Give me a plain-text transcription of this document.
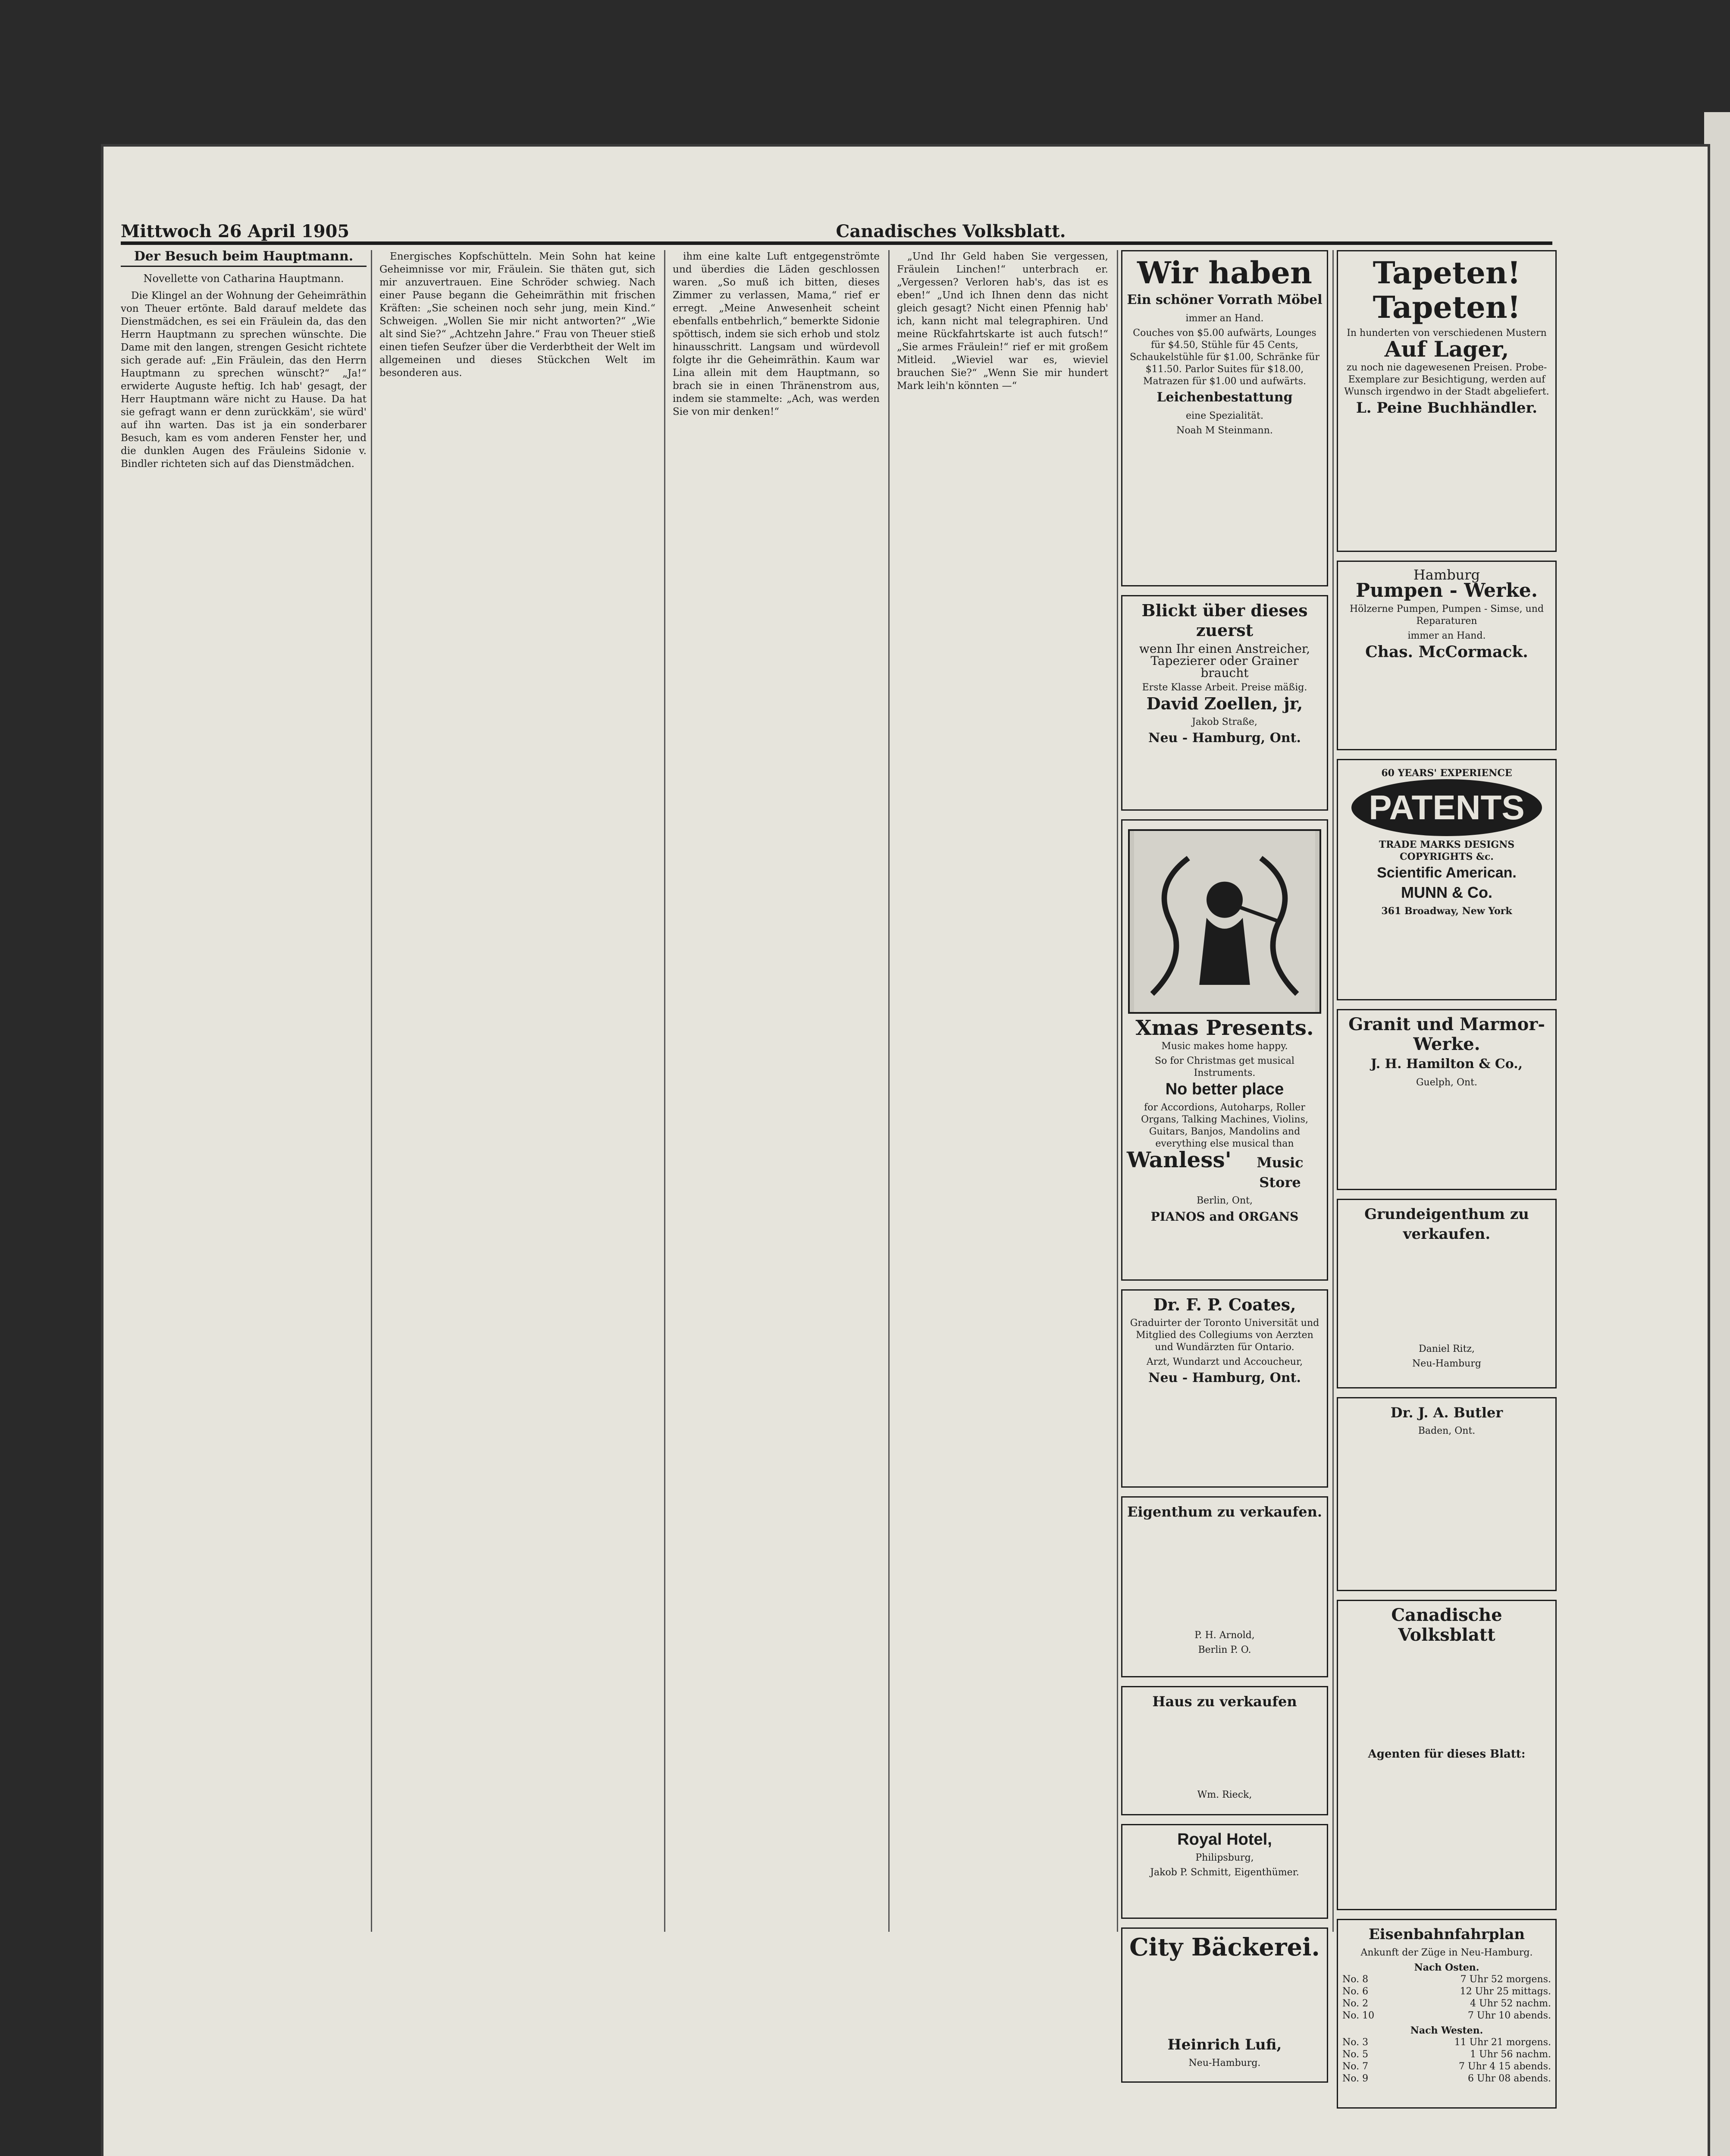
Mittwoch 26 April 1905	Canadisches Volksblatt.
Der Besuch beim Hauptmann.
Novellette von Catharina Hauptmann.

Die Klingel an der Wohnung der Geheimräthin von Theuer ertönte. Bald darauf meldete das Dienstmädchen, es sei ein Fräulein da, das den Herrn Hauptmann zu sprechen wünschte. Die Dame mit den langen, strengen Gesicht richtete sich gerade auf: „Ein Fräulein, das den Herrn Hauptmann zu sprechen wünscht?“ „Ja!“ erwiderte Auguste heftig. Ich hab' gesagt, der Herr Hauptmann wäre nicht zu Hause. Da hat sie gefragt wann er denn zurückkäm', sie würd' auf ihn warten. Das ist ja ein sonderbarer Besuch, kam es vom anderen Fenster her, und die dunklen Augen des Fräuleins Sidonie v. Bindler richteten sich auf das Dienstmädchen.

Energisches Kopfschütteln. Mein Sohn hat keine Geheimnisse vor mir, Fräulein. Sie thäten gut, sich mir anzuvertrauen. Eine Schröder schwieg. Nach einer Pause begann die Geheimräthin mit frischen Kräften: „Sie scheinen noch sehr jung, mein Kind.“ Schweigen. „Wollen Sie mir nicht antworten?“ „Wie alt sind Sie?“ „Achtzehn Jahre.“ Frau von Theuer stieß einen tiefen Seufzer über die Verderbtheit der Welt im allgemeinen und dieses Stückchen Welt im besonderen aus.

ihm eine kalte Luft entgegenströmte und überdies die Läden geschlossen waren. „So muß ich bitten, dieses Zimmer zu verlassen, Mama,“ rief er erregt. „Meine Anwesenheit scheint ebenfalls entbehrlich,“ bemerkte Sidonie spöttisch, indem sie sich erhob und stolz hinausschritt. Langsam und würdevoll folgte ihr die Geheimräthin. Kaum war Lina allein mit dem Hauptmann, so brach sie in einen Thränenstrom aus, indem sie stammelte: „Ach, was werden Sie von mir denken!“

„Und Ihr Geld haben Sie vergessen, Fräulein Linchen!“ unterbrach er. „Vergessen? Verloren hab's, das ist es eben!“ „Und ich Ihnen denn das nicht gleich gesagt? Nicht einen Pfennig hab' ich, kann nicht mal telegraphiren. Und meine Rückfahrtskarte ist auch futsch!“ „Sie armes Fräulein!“ rief er mit großem Mitleid. „Wieviel war es, wieviel brauchen Sie?“ „Wenn Sie mir hundert Mark leih'n könnten —“

Wir haben
Ein schöner Vorrath Möbel
immer an Hand.
Couches von $5.00 aufwärts, Lounges für $4.50, Stühle für 45 Cents, Schaukelstühle für $1.00, Schränke für $11.50. Parlor Suites für $18.00, Matrazen für $1.00 und aufwärts.
Leichenbestattung
eine Spezialität.
Noah M Steinmann.
Blickt über dieses zuerst
wenn Ihr einen Anstreicher, Tapezierer oder Grainer braucht
Erste Klasse Arbeit. Preise mäßig.
David Zoellen, jr,
Jakob Straße,
Neu - Hamburg, Ont.
Xmas Presents.
Music makes home happy.
So for Christmas get musical Instruments.
No better place
for Accordions, Autoharps, Roller Organs, Talking Machines, Violins, Guitars, Banjos, Mandolins and everything else musical than
Wanless'	Music Store
Berlin, Ont,
PIANOS and ORGANS
Dr. F. P. Coates,
Graduirter der Toronto Universität und Mitglied des Collegiums von Aerzten und Wundärzten für Ontario.
Arzt, Wundarzt und Accoucheur,
Neu - Hamburg, Ont.
Eigenthum zu verkaufen.
P. H. Arnold,
Berlin P. O.
Haus zu verkaufen
Wm. Rieck,
Royal Hotel,
Philipsburg,
Jakob P. Schmitt, Eigenthümer.
City Bäckerei.
Heinrich Lufi,
Neu-Hamburg.
Tapeten!
Tapeten!
In hunderten von verschiedenen Mustern
Auf Lager,
zu noch nie dagewesenen Preisen. Probe-Exemplare zur Besichtigung, werden auf Wunsch irgendwo in der Stadt abgeliefert.
L. Peine Buchhändler.
Hamburg
Pumpen - Werke.
Hölzerne Pumpen, Pumpen - Simse, und Reparaturen
immer an Hand.
Chas. McCormack.
60 YEARS' EXPERIENCE
PATENTS
TRADE MARKS DESIGNS COPYRIGHTS &c.
Scientific American.
MUNN & Co.
361 Broadway, New York
Granit und Marmor-
Werke.
J. H. Hamilton & Co.,
Guelph, Ont.
Grundeigenthum zu verkaufen.
Daniel Ritz,
Neu-Hamburg
Dr. J. A. Butler
Baden, Ont.
Canadische Volksblatt
Agenten für dieses Blatt:
Eisenbahnfahrplan
Ankunft der Züge in Neu-Hamburg.
Nach Osten.
No. 8	7 Uhr 52 morgens.
No. 6	12 Uhr 25 mittags.
No. 2	4 Uhr 52 nachm.
No. 10	7 Uhr 10 abends.
Nach Westen.
No. 3	11 Uhr 21 morgens.
No. 5	1 Uhr 56 nachm.
No. 7	7 Uhr 4 15 abends.
No. 9	6 Uhr 08 abends.
